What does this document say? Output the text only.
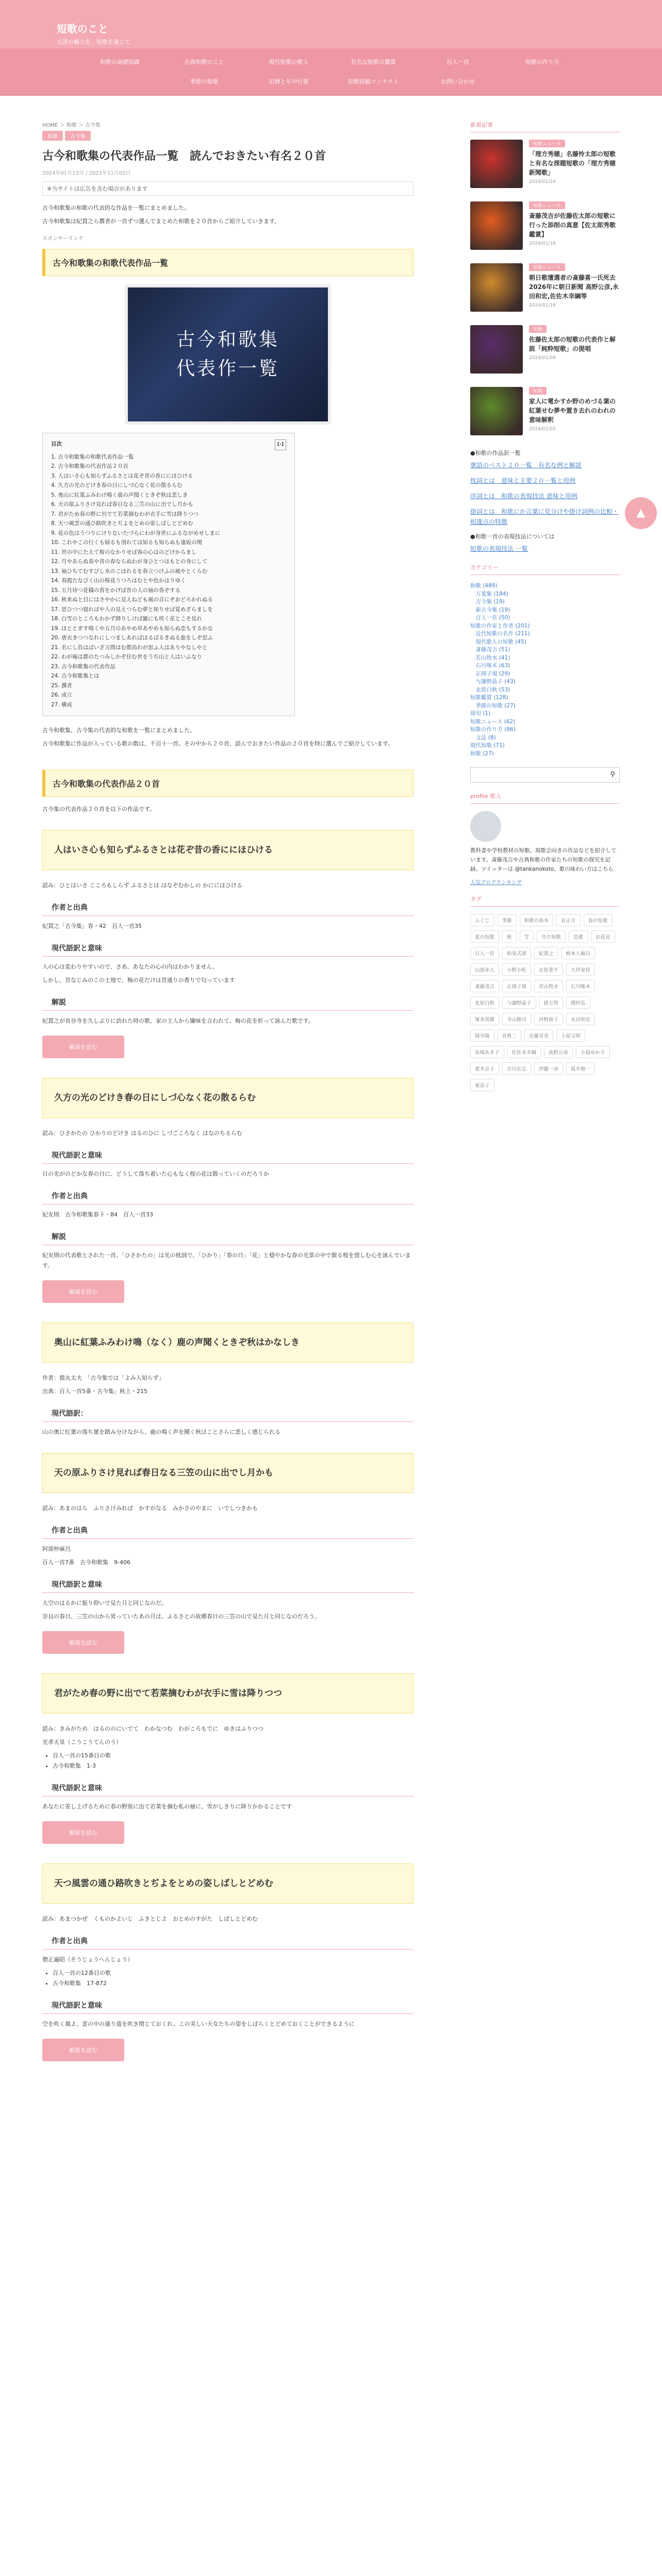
短歌のこと
古語の魅力を、短歌を通じて
和歌の基礎知識	古典和歌のこと	現代短歌の歌人	有名な短歌の鑑賞	百人一首	短歌の作り方
季節の短歌	旧暦と年中行事	短歌投稿コンテスト	お問い合わせ
HOME ＞ 和歌 ＞ 古今集
和歌 古今集
古今和歌集の代表作品一覧　読んでおきたい有名２０首
2024年01月13日 / 2022年11月02日
※当サイトは広告を含む場合があります

古今和歌集の和歌の代表的な作品を一覧にまとめました。

古今和歌集は紀貫之ら撰者が一首ずつ選んでまとめた和歌を２０首からご紹介していきます。

スポンサーリンク
古今和歌集の和歌代表作品一覧
古今和歌集
代表作一覧
目次	[-]
1. 古今和歌集の和歌代表作品一覧
2. 古今和歌集の代表作品２０首
3. 人はいさ心も知らずふるさとは花ぞ昔の香ににほひける
4. 久方の光のどけき春の日にしづ心なく花の散るらむ
5. 奥山に紅葉ふみわけ鳴く鹿の声聞くときぞ秋は悲しき
6. 天の原ふりさけ見れば春日なる三笠の山に出でし月かも
7. 君がため春の野に出でて若菜摘むわが衣手に雪は降りつつ
8. 天つ風雲の通ひ路吹きとぢよをとめの姿しばしとどめむ
9. 花の色はうつりにけりないたづらにわが身世にふるながめせしまに
10. これやこの行くも帰るも別れては知るも知らぬも逢坂の関
11. 世の中にたえて桜のなかりせば春の心はのどけからまし
12. 月やあらぬ春や昔の春ならぬわが身ひとつはもとの身にして
13. 袖ひちてむすびし水のこほれるを春立つけふの風やとくらむ
14. 春霞たなびく山の桜花うつろはむとや色かはりゆく
15. 五月待つ花橘の香をかげば昔の人の袖の香ぞする
16. 秋来ぬと目にはさやかに見えねども風の音にぞおどろかれぬる
17. 思ひつつ寝ればや人の見えつらむ夢と知りせば覚めざらましを
18. 白雪のところもわかず降りしけば巌にも咲く花とこそ見れ
19. ほととぎす鳴くや五月のあやめ草あやめも知らぬ恋もするかな
20. 唐衣きつつなれにしつましあればはるばるきぬる旅をしぞ思ふ
21. 名にし負はばいざ言問はむ都鳥わが思ふ人はありやなしやと
22. わが庵は都のたつみしかぞ住む世をうぢ山と人はいふなり
23. 古今和歌集の代表作品
24. 古今和歌集とは
25. 撰者
26. 成立
27. 構成

古今和歌集、古今集の代表的な和歌を一覧にまとめました。

古今和歌集に作品が入っている歌の数は、千百十一首。その中から２０首、読んでおきたい作品の２０首を特に選んでご紹介しています。

古今和歌集の代表作品２０首

古今集の代表作品２０首を以下の作品です。

人はいさ心も知らずふるさとは花ぞ昔の香ににほひける

読み：ひとはいさ こころもしらず ふるさとは はなぞむかしの かににほひける

作者と出典

紀貫之「古今集」春・42　百人一首35

現代語訳と意味

人の心は変わりやすいので、さあ、あなたの心の内はわかりません。

しかし、昔なじみのこの土地で、梅の花だけは昔通りの香りで匂っています

解説

紀貫之が長谷寺を久しぶりに訪れた時の歌。家の主人から嫌味を言われて、梅の花を折って詠んだ歌です。

解説を読む
久方の光のどけき春の日にしづ心なく花の散るらむ

読み：ひさかたの ひかりのどけき はるのひに しづごころなく はなのちるらむ

現代語訳と意味

日の光がのどかな春の日に、どうして落ち着いた心もなく桜の花は散っていくのだろうか

作者と出典

紀友則　古今和歌集春下・84　百人一首33

解説

紀友則の代表歌とされた一首。「ひさかたの」は光の枕詞で、「ひかり」「春の日」「花」と穏やかな春の光景の中で散る桜を惜しむ心を詠んでいます。

解説を読む
奥山に紅葉ふみわけ鳴（なく）鹿の声聞くときぞ秋はかなしき

作者：猿丸太夫　「古今集では「よみ人知らず」

出典：百人一首5番・古今集」秋上・215

現代語訳：

山の奥に紅葉の落ち葉を踏み分けながら、鹿の鳴く声を聞く秋はことさらに悲しく感じられる

天の原ふりさけ見れば春日なる三笠の山に出でし月かも

読み：あまのはら　ふりさけみれば　かすがなる　みかさのやまに　いでしつきかも

作者と出典

阿部仲麻呂

百人一首7番　古今和歌集　9-406

現代語訳と意味

大空のはるかに振り仰いで見た月と同じなのだ。

奈良の春日、三笠の山から昇っていたあの月は、ふるさとの故郷春日の三笠の山で見た月と同じなのだろう。

解説を読む
君がため春の野に出でて若菜摘むわが衣手に雪は降りつつ

読み：きみがため　はるののにいでて　わかなつむ　わがころもでに　ゆきはふりつつ

光孝天皇（こうこうてんのう）

• 百人一首の15番目の歌
• 古今和歌集　1-3
現代語訳と意味

あなたに差し上げるために春の野原に出て若菜を摘む私の袖に、雪がしきりに降りかかることです

解説を読む
天つ風雲の通ひ路吹きとぢよをとめの姿しばしとどめむ

読み：あまつかぜ　くものかよいじ　ふきとじよ　おとめのすがた　しばしとどめむ

作者と出典

僧正遍昭（そうじょうへんじょう）

• 百人一首の12番目の歌
• 古今和歌集　17-872
現代語訳と意味

空を吹く風よ、雲の中の通り道を吹き閉じておくれ。この美しい天女たちの姿をしばらくとどめておくことができるように

解説を読む
新着記事
短歌ニュース
「理方秀穂」名藤怜太郎の短歌と有名な探題短歌の「理方秀穂新聞歌」
2024/01/24
短歌ニュース
斎藤茂吉が佐藤佐太郎の短歌に行った添削の真意【佐太郎秀歌鑑賞】
2024/01/18
短歌ニュース
朝日歌壇選者の斎藤喜一氏死去 2026年に朝日新聞 高野公彦,永田和宏,佐佐木幸綱等
2024/01/16
短歌
佐藤佐太郎の短歌の代表作と解説「純粋短歌」の提唱
2024/01/08
短歌
家人に電かすか野のめづる葉の紅葉せむ夢や置き去れのわれの意味解釈
2024/01/02
●和歌の作品訳一覧
褒語のベスト２０一覧　有名な例と解説
枕詞とは　意味と主要２０一覧と用例
序詞とは　和歌の表現技法 意味と用例
掛詞とは　和歌にか言葉に見分けや掛け詞例の比較・相違点の特徴
●和歌一首の表現技法については
短歌の表現技法 一覧
カテゴリー
和歌 (489)
　万葉集 (184)
　古今集 (19)
　新古今集 (19)
　百人一首 (50)
短歌の作家と作者 (201)
　近代短歌の名作 (211)
　現代歌人の短歌 (45)
　斎藤茂吉 (51)
　若山牧水 (41)
　石川啄木 (63)
　正岡子規 (29)
　与謝野晶子 (43)
　北原白秋 (53)
短歌鑑賞 (128)
　季節の短歌 (27)
俳句 (1)
短歌ニュース (62)
短歌の作り方 (86)
　文法 (8)
現代短歌 (71)
和歌 (27)
⚲
profile 歌人
教科書や学校教材の短歌、現歌会向きの作品などを紹介しています。斎藤茂吉や古典和歌の作家たちの短歌の探究を記録。ツイッターは @tankanokoto、歌の味わい方はこちら
人気ブログランキング
タグ
ふくじ	季節	和歌の基本	お正月	春の短歌
夏の短歌	秋	雪	冬の短歌	恋愛	お花見
百人一首	和泉式部	紀貫之	柿本人麻呂
山部赤人	小野小町	在原業平	大伴家持
斎藤茂吉	正岡子規	若山牧水	石川啄木
北原白秋	与謝野晶子	俵万智	穂村弘
塚本邦雄	寺山修司	河野裕子	永田和宏
岡井隆	宮柊二	近藤芳美	土屋文明
馬場あき子	佐佐木幸綱	高野公彦	小島ゆかり
栗木京子	吉川宏志	伊藤一彦	坂井修一
東直子
▲
